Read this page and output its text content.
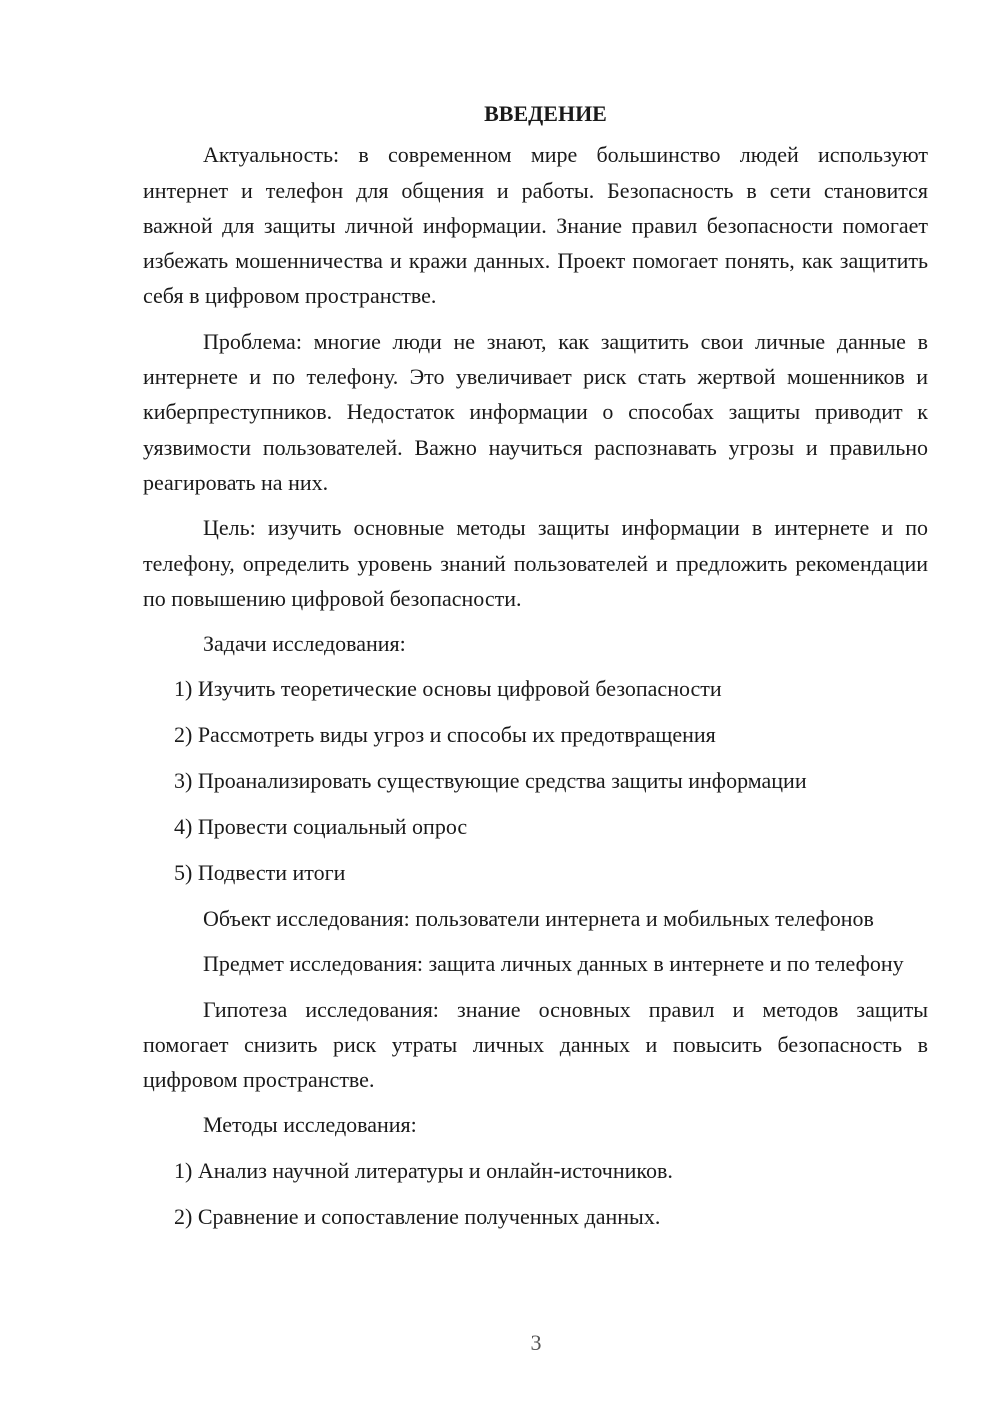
ВВЕДЕНИЕ

Актуальность: в современном мире большинство людей используют интернет и телефон для общения и работы. Безопасность в сети становится важной для защиты личной информации. Знание правил безопасности помогает избежать мошенничества и кражи данных. Проект помогает понять, как защитить себя в цифровом пространстве.

Проблема: многие люди не знают, как защитить свои личные данные в интернете и по телефону. Это увеличивает риск стать жертвой мошенников и киберпреступников. Недостаток информации о способах защиты приводит к уязвимости пользователей. Важно научиться распознавать угрозы и правильно реагировать на них.

Цель: изучить основные методы защиты информации в интернете и по телефону, определить уровень знаний пользователей и предложить рекомендации по повышению цифровой безопасности.

Задачи исследования:

1) Изучить теоретические основы цифровой безопасности
2) Рассмотреть виды угроз и способы их предотвращения
3) Проанализировать существующие средства защиты информации
4) Провести социальный опрос
5) Подвести итоги

Объект исследования: пользователи интернета и мобильных телефонов

Предмет исследования: защита личных данных в интернете и по телефону

Гипотеза исследования: знание основных правил и методов защиты помогает снизить риск утраты личных данных и повысить безопасность в цифровом пространстве.

Методы исследования:

1) Анализ научной литературы и онлайн-источников.
2) Сравнение и сопоставление полученных данных.
3
